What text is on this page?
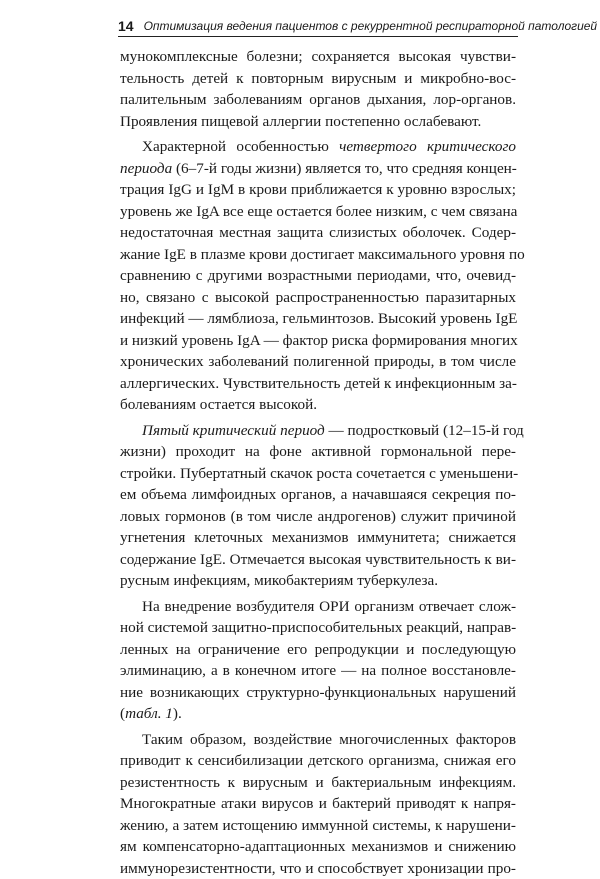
14 Оптимизация ведения пациентов с рекуррентной респираторной патологией
мунокомплексные болезни; сохраняется высокая чувстви-
тельность детей к повторным вирусным и микробно-вос-
палительным заболеваниям органов дыхания, лор-органов.
Проявления пищевой аллергии постепенно ослабевают.
Характерной особенностью четвертого критического
периода (6–7-й годы жизни) является то, что средняя концен-
трация IgG и IgM в крови приближается к уровню взрослых;
уровень же IgA все еще остается более низким, с чем связана
недостаточная местная защита слизистых оболочек. Содер-
жание IgE в плазме крови достигает максимального уровня по
сравнению с другими возрастными периодами, что, очевид-
но, связано с высокой распространенностью паразитарных
инфекций — лямблиоза, гельминтозов. Высокий уровень IgE
и низкий уровень IgA — фактор риска формирования многих
хронических заболеваний полигенной природы, в том числе
аллергических. Чувствительность детей к инфекционным за-
болеваниям остается высокой.
Пятый критический период — подростковый (12–15-й год
жизни) проходит на фоне активной гормональной пере-
стройки. Пубертатный скачок роста сочетается с уменьшени-
ем объема лимфоидных органов, а начавшаяся секреция по-
ловых гормонов (в том числе андрогенов) служит причиной
угнетения клеточных механизмов иммунитета; снижается
содержание IgE. Отмечается высокая чувствительность к ви-
русным инфекциям, микобактериям туберкулеза.
На внедрение возбудителя ОРИ организм отвечает слож-
ной системой защитно-приспособительных реакций, направ-
ленных на ограничение его репродукции и последующую
элиминацию, а в конечном итоге — на полное восстановле-
ние возникающих структурно-функциональных нарушений
(табл. 1).
Таким образом, воздействие многочисленных факторов
приводит к сенсибилизации детского организма, снижая его
резистентность к вирусным и бактериальным инфекциям.
Многократные атаки вирусов и бактерий приводят к напря-
жению, а затем истощению иммунной системы, к нарушени-
ям компенсаторно-адаптационных механизмов и снижению
иммунорезистентности, что и способствует хронизации про-
